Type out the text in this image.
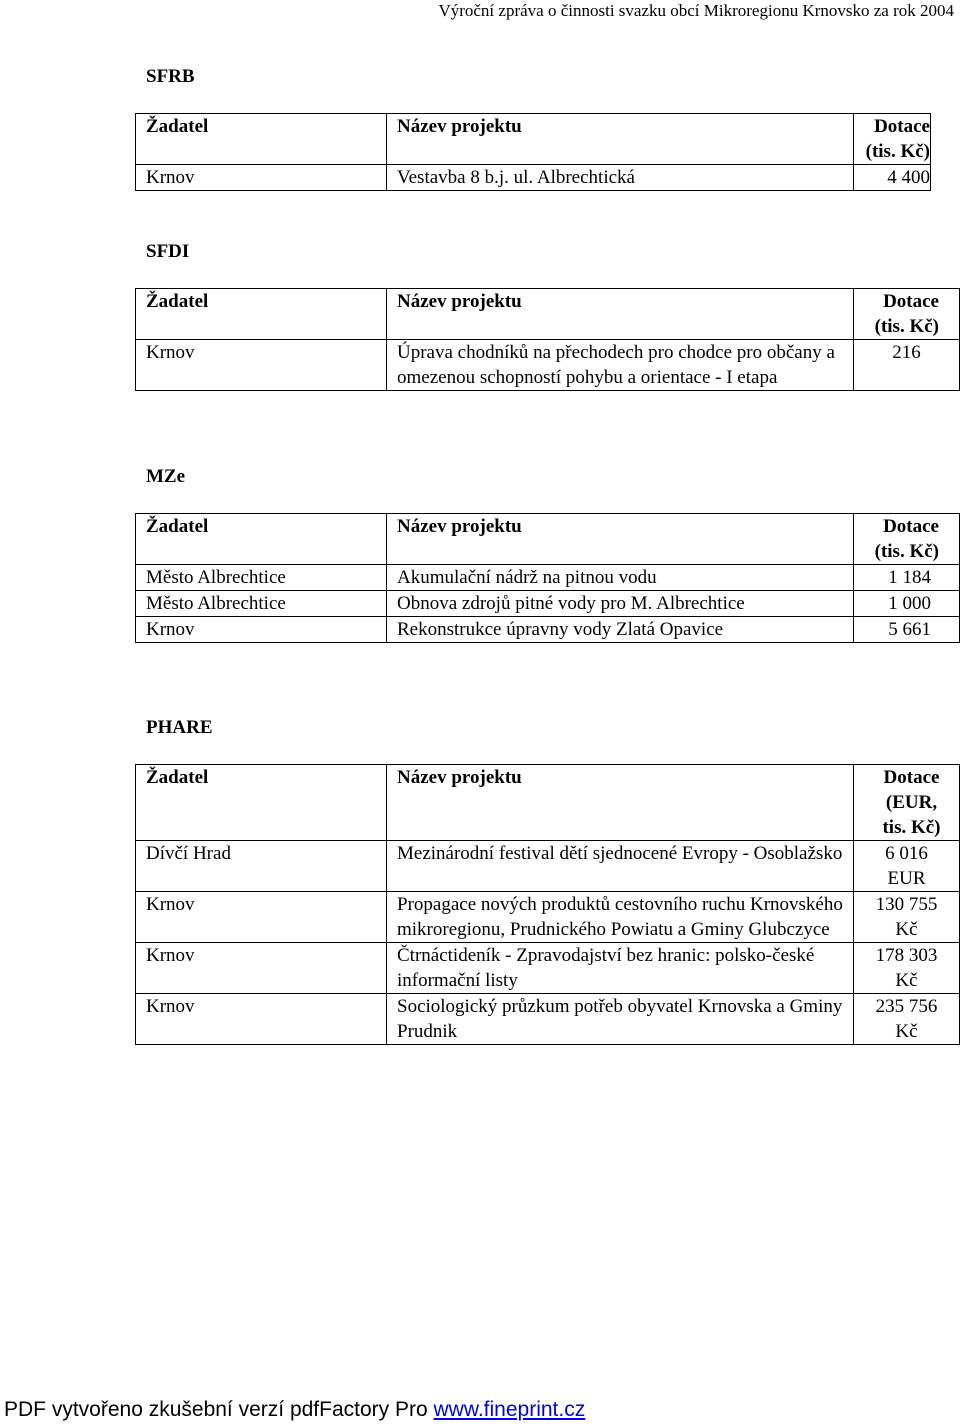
Výroční zpráva o činnosti svazku obcí Mikroregionu Krnovsko za rok 2004
SFRB
Žadatel	Název projektu	Dotace (tis. Kč)
Krnov	Vestavba 8 b.j. ul. Albrechtická	4 400
SFDI
Žadatel	Název projektu	Dotace (tis. Kč)
Krnov	Úprava chodníků na přechodech pro chodce pro občany a omezenou schopností pohybu a orientace - I etapa	216
MZe
Žadatel	Název projektu	Dotace (tis. Kč)
Město Albrechtice	Akumulační nádrž na pitnou vodu	1 184
Město Albrechtice	Obnova zdrojů pitné vody pro M. Albrechtice	1 000
Krnov	Rekonstrukce úpravny vody Zlatá Opavice	5 661
PHARE
Žadatel	Název projektu	Dotace (EUR, tis. Kč)
Dívčí Hrad	Mezinárodní festival dětí sjednocené Evropy - Osoblažsko	6 016 EUR
Krnov	Propagace nových produktů cestovního ruchu Krnovského mikroregionu, Prudnického Powiatu a Gminy Glubczyce	130 755 Kč
Krnov	Čtrnáctideník - Zpravodajství bez hranic: polsko-české informační listy	178 303 Kč
Krnov	Sociologický průzkum potřeb obyvatel Krnovska a Gminy Prudnik	235 756 Kč
PDF vytvořeno zkušební verzí pdfFactory Pro www.fineprint.cz
